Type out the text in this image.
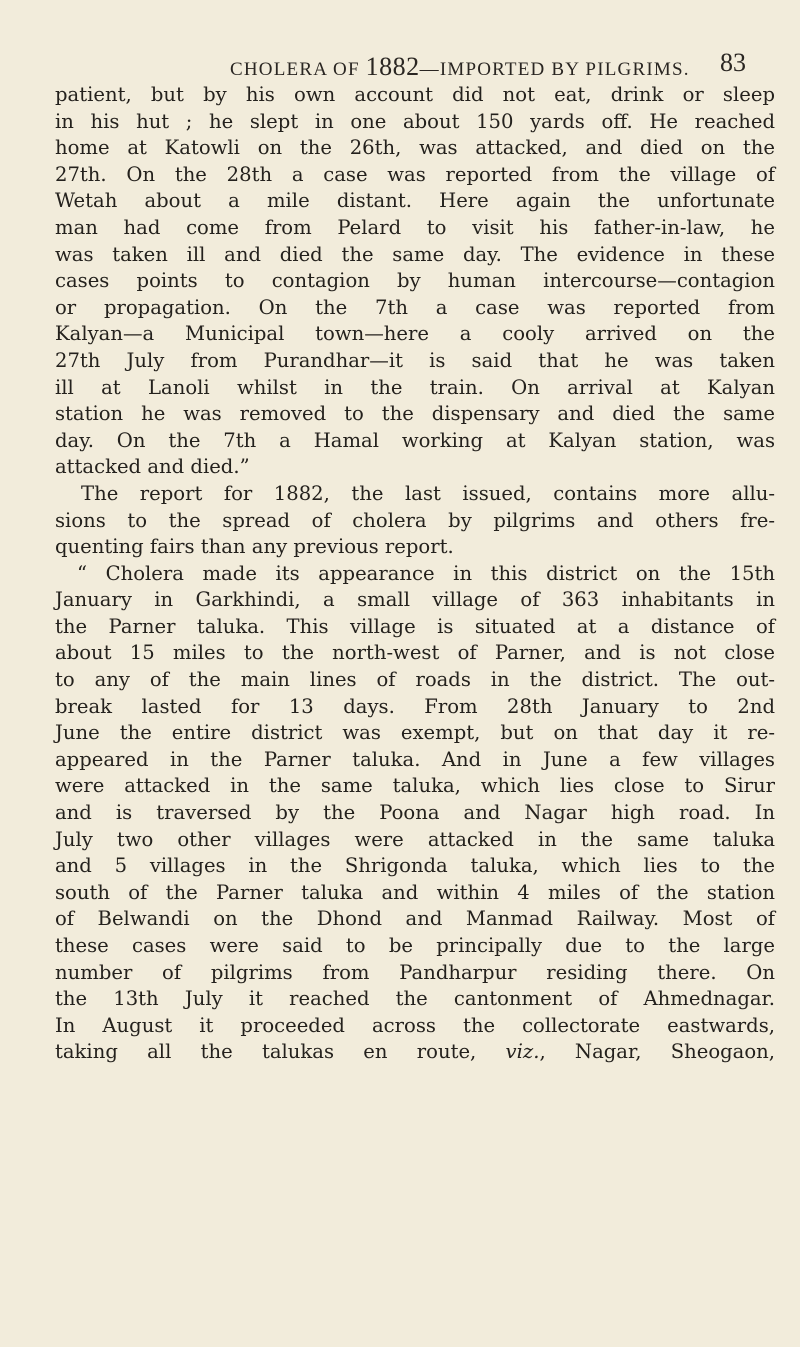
CHOLERA OF 1882—IMPORTED BY PILGRIMS. 83
patient, but by his own account did not eat, drink or sleep
in his hut ; he slept in one about 150 yards off. He reached
home at Katowli on the 26th, was attacked, and died on the
27th. On the 28th a case was reported from the village of
Wetah about a mile distant. Here again the unfortunate
man had come from Pelard to visit his father-in-law, he
was taken ill and died the same day. The evidence in these
cases points to contagion by human intercourse—contagion
or propagation. On the 7th a case was reported from
Kalyan—a Municipal town—here a cooly arrived on the
27th July from Purandhar—it is said that he was taken
ill at Lanoli whilst in the train. On arrival at Kalyan
station he was removed to the dispensary and died the same
day. On the 7th a Hamal working at Kalyan station, was
attacked and died.”
The report for 1882, the last issued, contains more allu-
sions to the spread of cholera by pilgrims and others fre-
quenting fairs than any previous report.
“ Cholera made its appearance in this district on the 15th
January in Garkhindi, a small village of 363 inhabitants in
the Parner taluka. This village is situated at a distance of
about 15 miles to the north-west of Parner, and is not close
to any of the main lines of roads in the district. The out-
break lasted for 13 days. From 28th January to 2nd
June the entire district was exempt, but on that day it re-
appeared in the Parner taluka. And in June a few villages
were attacked in the same taluka, which lies close to Sirur
and is traversed by the Poona and Nagar high road. In
July two other villages were attacked in the same taluka
and 5 villages in the Shrigonda taluka, which lies to the
south of the Parner taluka and within 4 miles of the station
of Belwandi on the Dhond and Manmad Railway. Most of
these cases were said to be principally due to the large
number of pilgrims from Pandharpur residing there. On
the 13th July it reached the cantonment of Ahmednagar.
In August it proceeded across the collectorate eastwards,
taking all the talukas en route, viz., Nagar, Sheogaon,
